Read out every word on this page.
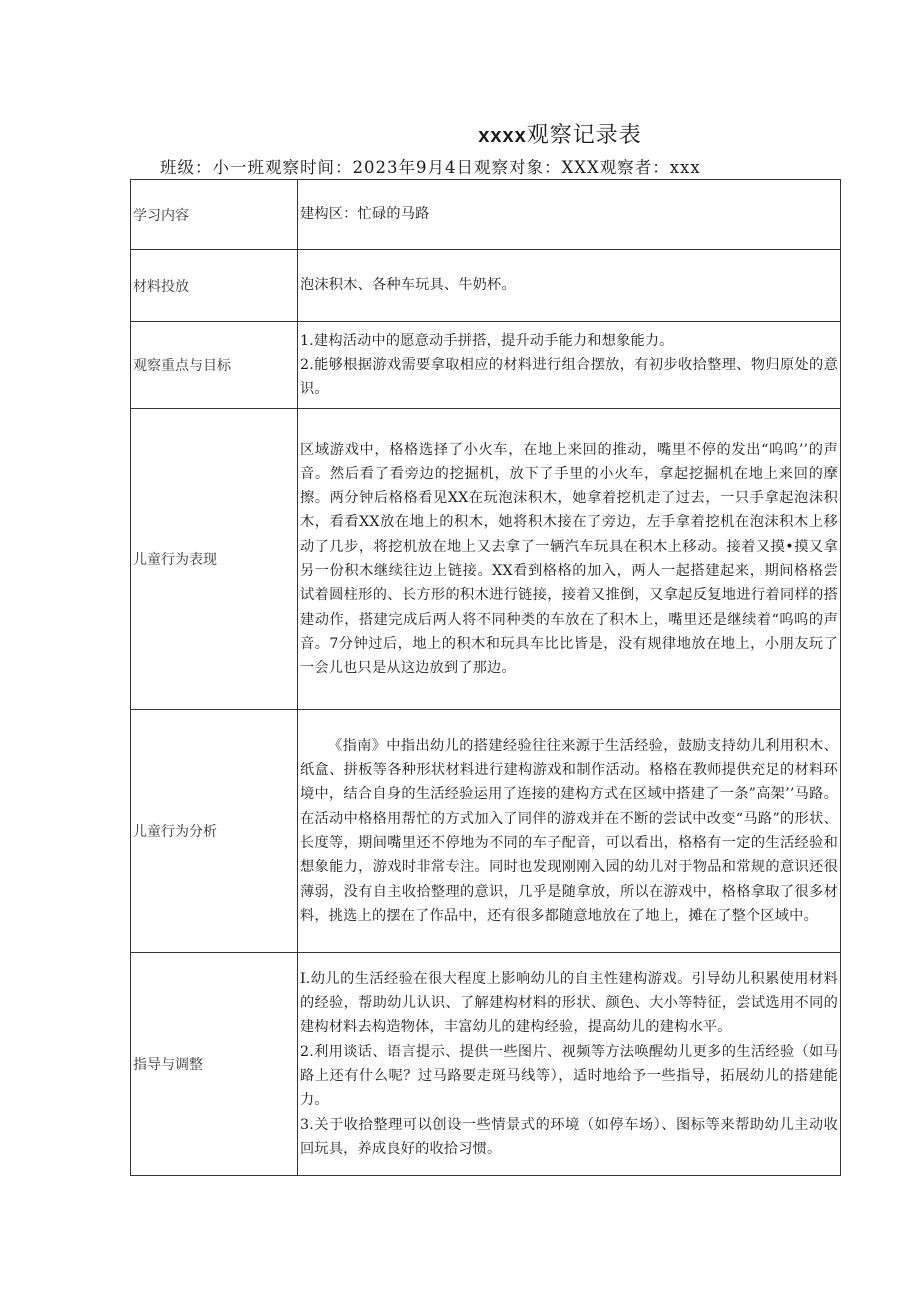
xxxx观察记录表
班级：小一班观察时间：2023年9月4日观察对象：XXX观察者：xxx
学习内容	建构区：忙碌的马路

材料投放	泡沫积木、各种车玩具、牛奶杯。

观察重点与目标	1.建构活动中的愿意动手拼搭，提升动手能力和想象能力。

2.能够根据游戏需要拿取相应的材料进行组合摆放，有初步收拾整理、物归原处的意识。

儿童行为表现	区域游戏中，格格选择了小火车，在地上来回的推动，嘴里不停的发出“呜呜’’的声音。然后看了看旁边的挖掘机，放下了手里的小火车，拿起挖掘机在地上来回的摩擦。两分钟后格格看见XX在玩泡沫积木，她拿着挖机走了过去，一只手拿起泡沫积木，看看XX放在地上的积木，她将积木接在了旁边，左手拿着挖机在泡沫积木上移动了几步，将挖机放在地上又去拿了一辆汽车玩具在积木上移动。接着又摸•摸又拿另一份积木继续往边上链接。XX看到格格的加入，两人一起搭建起来，期间格格尝试着圆柱形的、长方形的积木进行链接，接着又推倒，又拿起反复地进行着同样的搭建动作，搭建完成后两人将不同种类的车放在了积木上，嘴里还是继续着“呜呜的声音。7分钟过后，地上的积木和玩具车比比皆是，没有规律地放在地上，小朋友玩了一会儿也只是从这边放到了那边。

儿童行为分析	《指南》中指出幼儿的搭建经验往往来源于生活经验，鼓励支持幼儿利用积木、纸盒、拼板等各种形状材料进行建构游戏和制作活动。格格在教师提供充足的材料环境中，结合自身的生活经验运用了连接的建构方式在区域中搭建了一条”高架’’马路。在活动中格格用帮忙的方式加入了同伴的游戏并在不断的尝试中改变“马路”的形状、长度等，期间嘴里还不停地为不同的车子配音，可以看出，格格有一定的生活经验和想象能力，游戏时非常专注。同时也发现刚刚入园的幼儿对于物品和常规的意识还很薄弱，没有自主收拾整理的意识，几乎是随拿放，所以在游戏中，格格拿取了很多材料，挑选上的摆在了作品中，还有很多都随意地放在了地上，摊在了整个区域中。

指导与调整	I.幼儿的生活经验在很大程度上影响幼儿的自主性建构游戏。引导幼儿积累使用材料的经验，帮助幼儿认识、了解建构材料的形状、颜色、大小等特征，尝试选用不同的建构材料去构造物体，丰富幼儿的建构经验，提高幼儿的建构水平。

2.利用谈话、语言提示、提供一些图片、视频等方法唤醒幼儿更多的生活经验（如马路上还有什么呢？过马路要走斑马线等），适时地给予一些指导，拓展幼儿的搭建能力。

3.关于收拾整理可以创设一些情景式的环境（如停车场）、图标等来帮助幼儿主动收回玩具，养成良好的收拾习惯。
